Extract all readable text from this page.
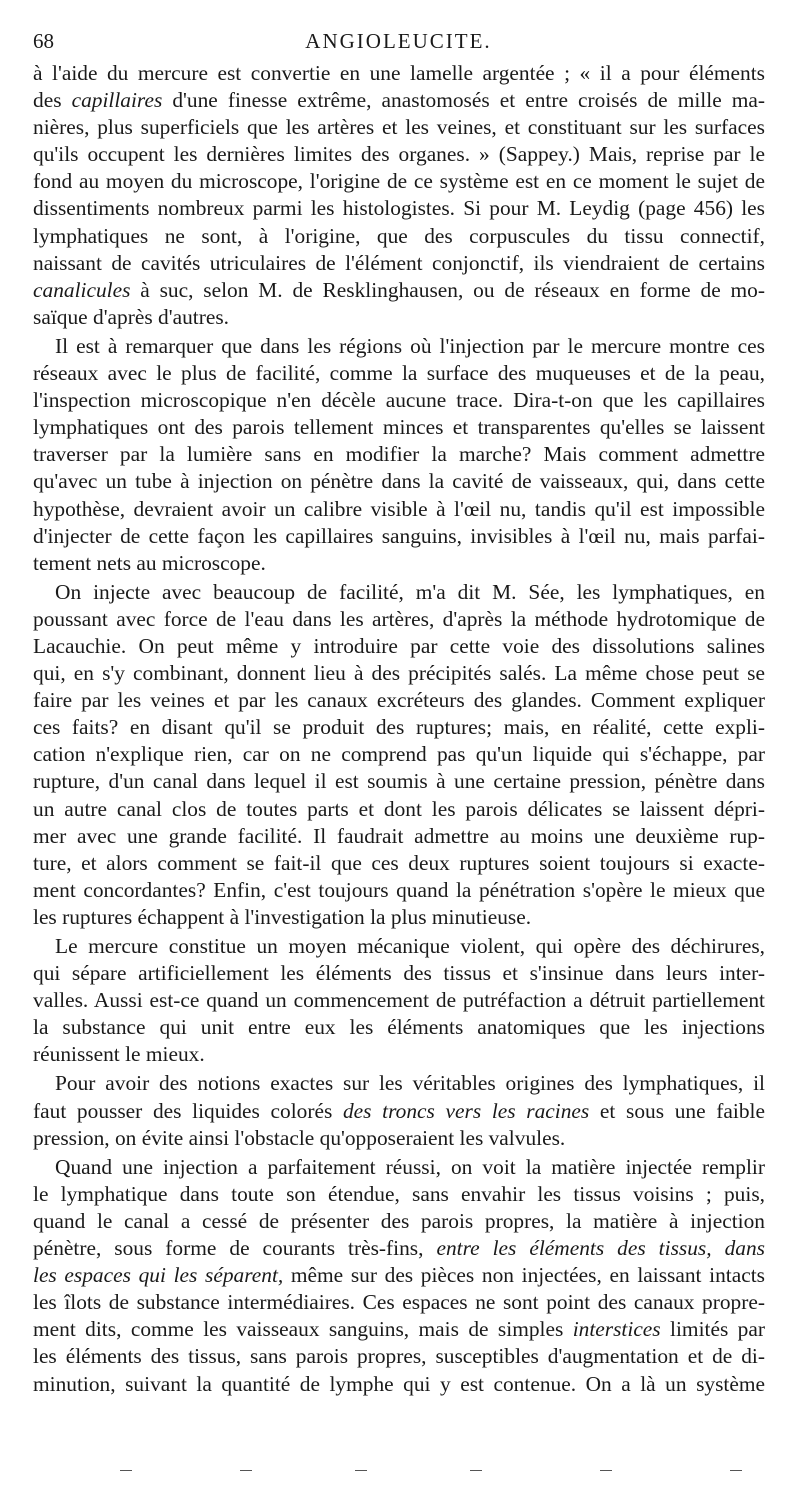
68	ANGIOLEUCITE.
à l'aide du mercure est convertie en une lamelle argentée ; « il a pour éléments
des capillaires d'une finesse extrême, anastomosés et entre croisés de mille ma-
nières, plus superficiels que les artères et les veines, et constituant sur les surfaces
qu'ils occupent les dernières limites des organes. » (Sappey.) Mais, reprise par le
fond au moyen du microscope, l'origine de ce système est en ce moment le sujet de
dissentiments nombreux parmi les histologistes. Si pour M. Leydig (page 456) les
lymphatiques ne sont, à l'origine, que des corpuscules du tissu connectif,
naissant de cavités utriculaires de l'élément conjonctif, ils viendraient de certains
canalicules à suc, selon M. de Resklinghausen, ou de réseaux en forme de mo-
saïque d'après d'autres.
Il est à remarquer que dans les régions où l'injection par le mercure montre ces
réseaux avec le plus de facilité, comme la surface des muqueuses et de la peau,
l'inspection microscopique n'en décèle aucune trace. Dira-t-on que les capillaires
lymphatiques ont des parois tellement minces et transparentes qu'elles se laissent
traverser par la lumière sans en modifier la marche? Mais comment admettre
qu'avec un tube à injection on pénètre dans la cavité de vaisseaux, qui, dans cette
hypothèse, devraient avoir un calibre visible à l'œil nu, tandis qu'il est impossible
d'injecter de cette façon les capillaires sanguins, invisibles à l'œil nu, mais parfai-
tement nets au microscope.
On injecte avec beaucoup de facilité, m'a dit M. Sée, les lymphatiques, en
poussant avec force de l'eau dans les artères, d'après la méthode hydrotomique de
Lacauchie. On peut même y introduire par cette voie des dissolutions salines
qui, en s'y combinant, donnent lieu à des précipités salés. La même chose peut se
faire par les veines et par les canaux excréteurs des glandes. Comment expliquer
ces faits? en disant qu'il se produit des ruptures; mais, en réalité, cette expli-
cation n'explique rien, car on ne comprend pas qu'un liquide qui s'échappe, par
rupture, d'un canal dans lequel il est soumis à une certaine pression, pénètre dans
un autre canal clos de toutes parts et dont les parois délicates se laissent dépri-
mer avec une grande facilité. Il faudrait admettre au moins une deuxième rup-
ture, et alors comment se fait-il que ces deux ruptures soient toujours si exacte-
ment concordantes? Enfin, c'est toujours quand la pénétration s'opère le mieux que
les ruptures échappent à l'investigation la plus minutieuse.
Le mercure constitue un moyen mécanique violent, qui opère des déchirures,
qui sépare artificiellement les éléments des tissus et s'insinue dans leurs inter-
valles. Aussi est-ce quand un commencement de putréfaction a détruit partiellement
la substance qui unit entre eux les éléments anatomiques que les injections
réunissent le mieux.
Pour avoir des notions exactes sur les véritables origines des lymphatiques, il
faut pousser des liquides colorés des troncs vers les racines et sous une faible
pression, on évite ainsi l'obstacle qu'opposeraient les valvules.
Quand une injection a parfaitement réussi, on voit la matière injectée remplir
le lymphatique dans toute son étendue, sans envahir les tissus voisins ; puis,
quand le canal a cessé de présenter des parois propres, la matière à injection
pénètre, sous forme de courants très-fins, entre les éléments des tissus, dans
les espaces qui les séparent, même sur des pièces non injectées, en laissant intacts
les îlots de substance intermédiaires. Ces espaces ne sont point des canaux propre-
ment dits, comme les vaisseaux sanguins, mais de simples interstices limités par
les éléments des tissus, sans parois propres, susceptibles d'augmentation et de di-
minution, suivant la quantité de lymphe qui y est contenue. On a là un système
